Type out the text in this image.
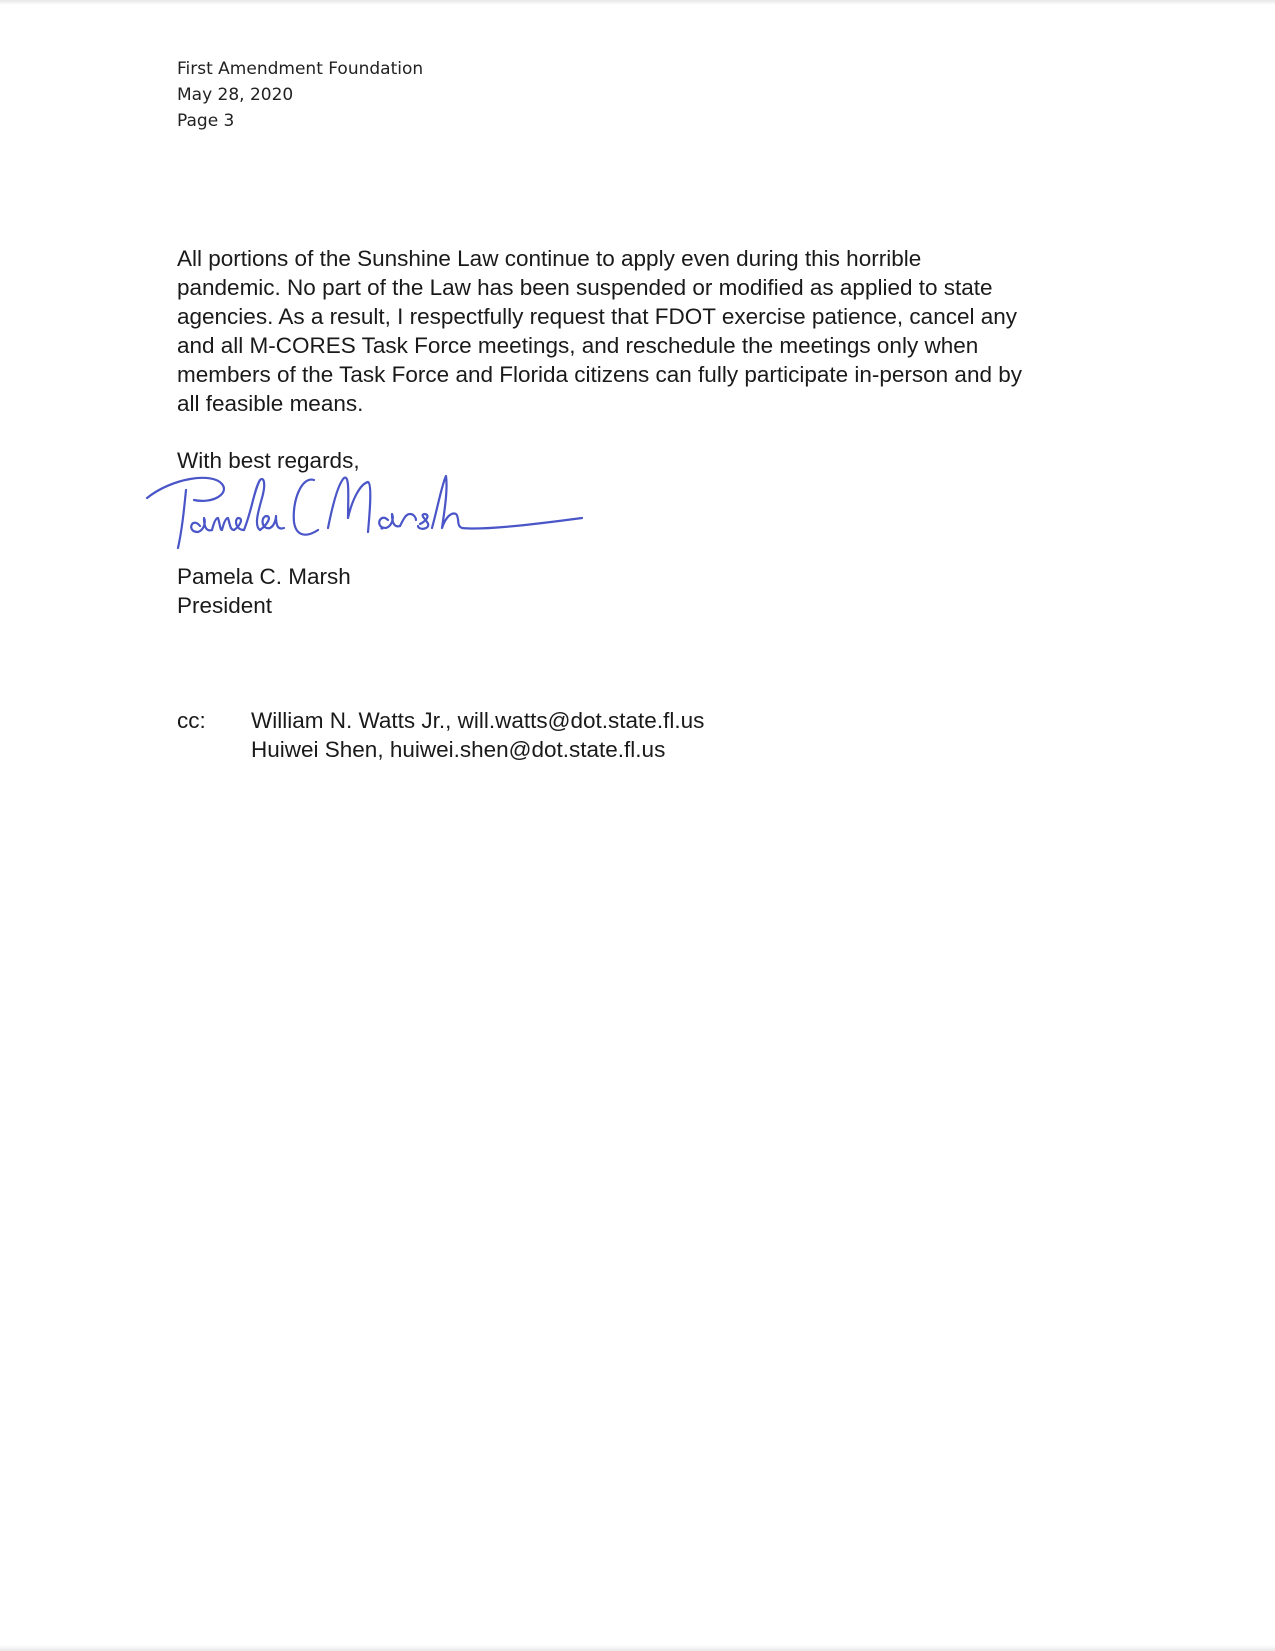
First Amendment Foundation
May 28, 2020
Page 3

All portions of the Sunshine Law continue to apply even during this horrible
pandemic. No part of the Law has been suspended or modified as applied to state
agencies. As a result, I respectfully request that FDOT exercise patience, cancel any
and all M-CORES Task Force meetings, and reschedule the meetings only when
members of the Task Force and Florida citizens can fully participate in-person and by
all feasible means.

With best regards,
Pamela C. Marsh
President
cc:	William N. Watts Jr., will.watts@dot.state.fl.us
Huiwei Shen, huiwei.shen@dot.state.fl.us
